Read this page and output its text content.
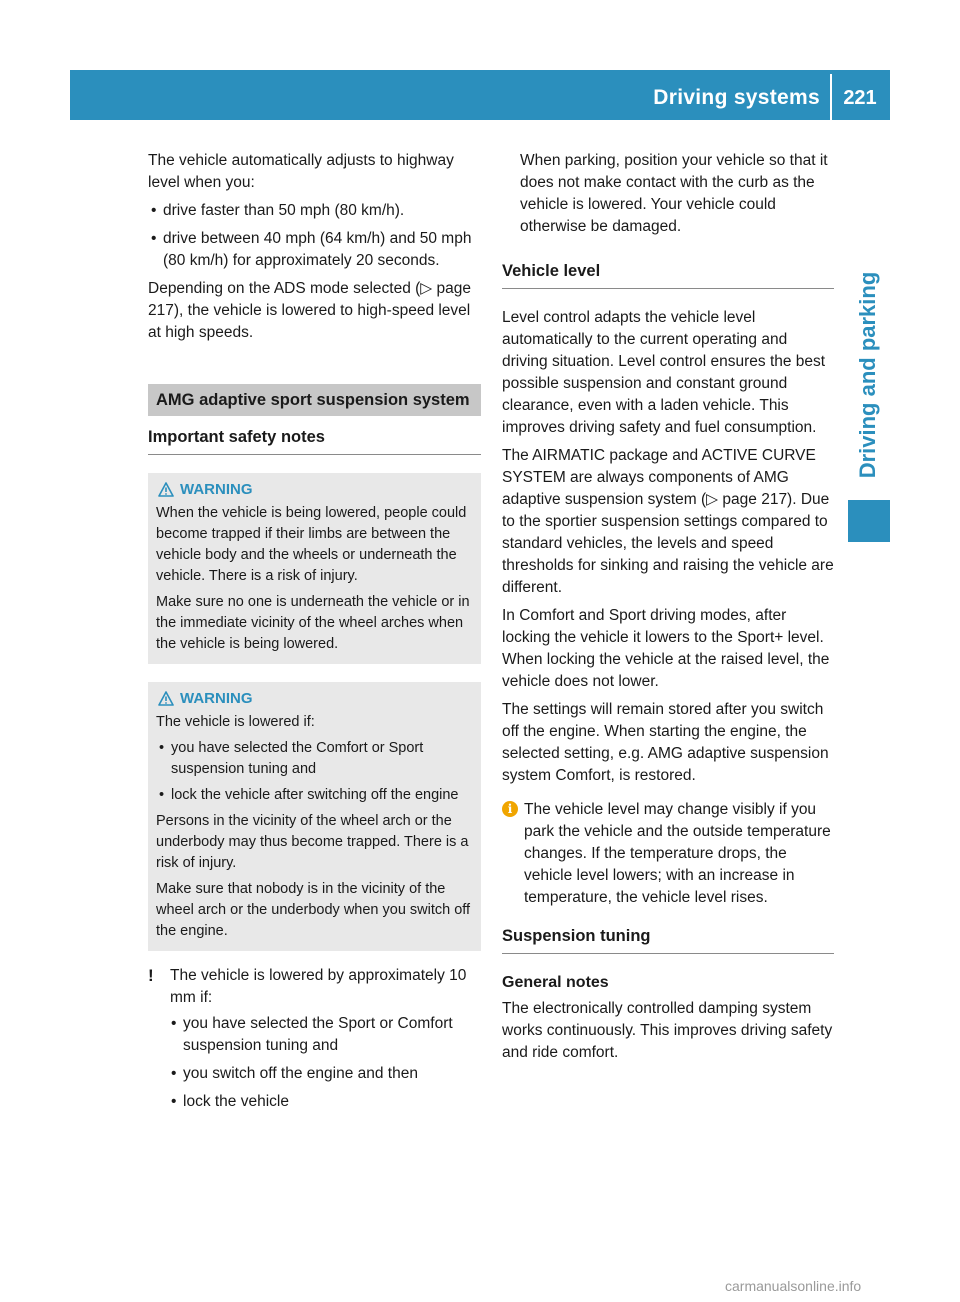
Driving systems	221
Driving and parking

The vehicle automatically adjusts to highway level when you:

• drive faster than 50 mph (80 km/h).
• drive between 40 mph (64 km/h) and 50 mph (80 km/h) for approximately 20 seconds.

Depending on the ADS mode selected (▷ page 217), the vehicle is lowered to high-speed level at high speeds.

AMG adaptive sport suspension system
Important safety notes
WARNING

When the vehicle is being lowered, people could become trapped if their limbs are between the vehicle body and the wheels or underneath the vehicle. There is a risk of injury.

Make sure no one is underneath the vehicle or in the immediate vicinity of the wheel arches when the vehicle is being lowered.

WARNING

The vehicle is lowered if:

• you have selected the Comfort or Sport suspension tuning and
• lock the vehicle after switching off the engine

Persons in the vicinity of the wheel arch or the underbody may thus become trapped. There is a risk of injury.

Make sure that nobody is in the vicinity of the wheel arch or the underbody when you switch off the engine.

! The vehicle is lowered by approximately 10 mm if:
• you have selected the Sport or Comfort suspension tuning and
• you switch off the engine and then
• lock the vehicle

When parking, position your vehicle so that it does not make contact with the curb as the vehicle is lowered. Your vehicle could otherwise be damaged.

Vehicle level

Level control adapts the vehicle level automatically to the current operating and driving situation. Level control ensures the best possible suspension and constant ground clearance, even with a laden vehicle. This improves driving safety and fuel consumption.

The AIRMATIC package and ACTIVE CURVE SYSTEM are always components of AMG adaptive suspension system (▷ page 217). Due to the sportier suspension settings compared to standard vehicles, the levels and speed thresholds for sinking and raising the vehicle are different.

In Comfort and Sport driving modes, after locking the vehicle it lowers to the Sport+ level. When locking the vehicle at the raised level, the vehicle does not lower.

The settings will remain stored after you switch off the engine. When starting the engine, the selected setting, e.g. AMG adaptive suspension system Comfort, is restored.

i The vehicle level may change visibly if you park the vehicle and the outside temperature changes. If the temperature drops, the vehicle level lowers; with an increase in temperature, the vehicle level rises.
Suspension tuning
General notes

The electronically controlled damping system works continuously. This improves driving safety and ride comfort.

carmanualsonline.info
